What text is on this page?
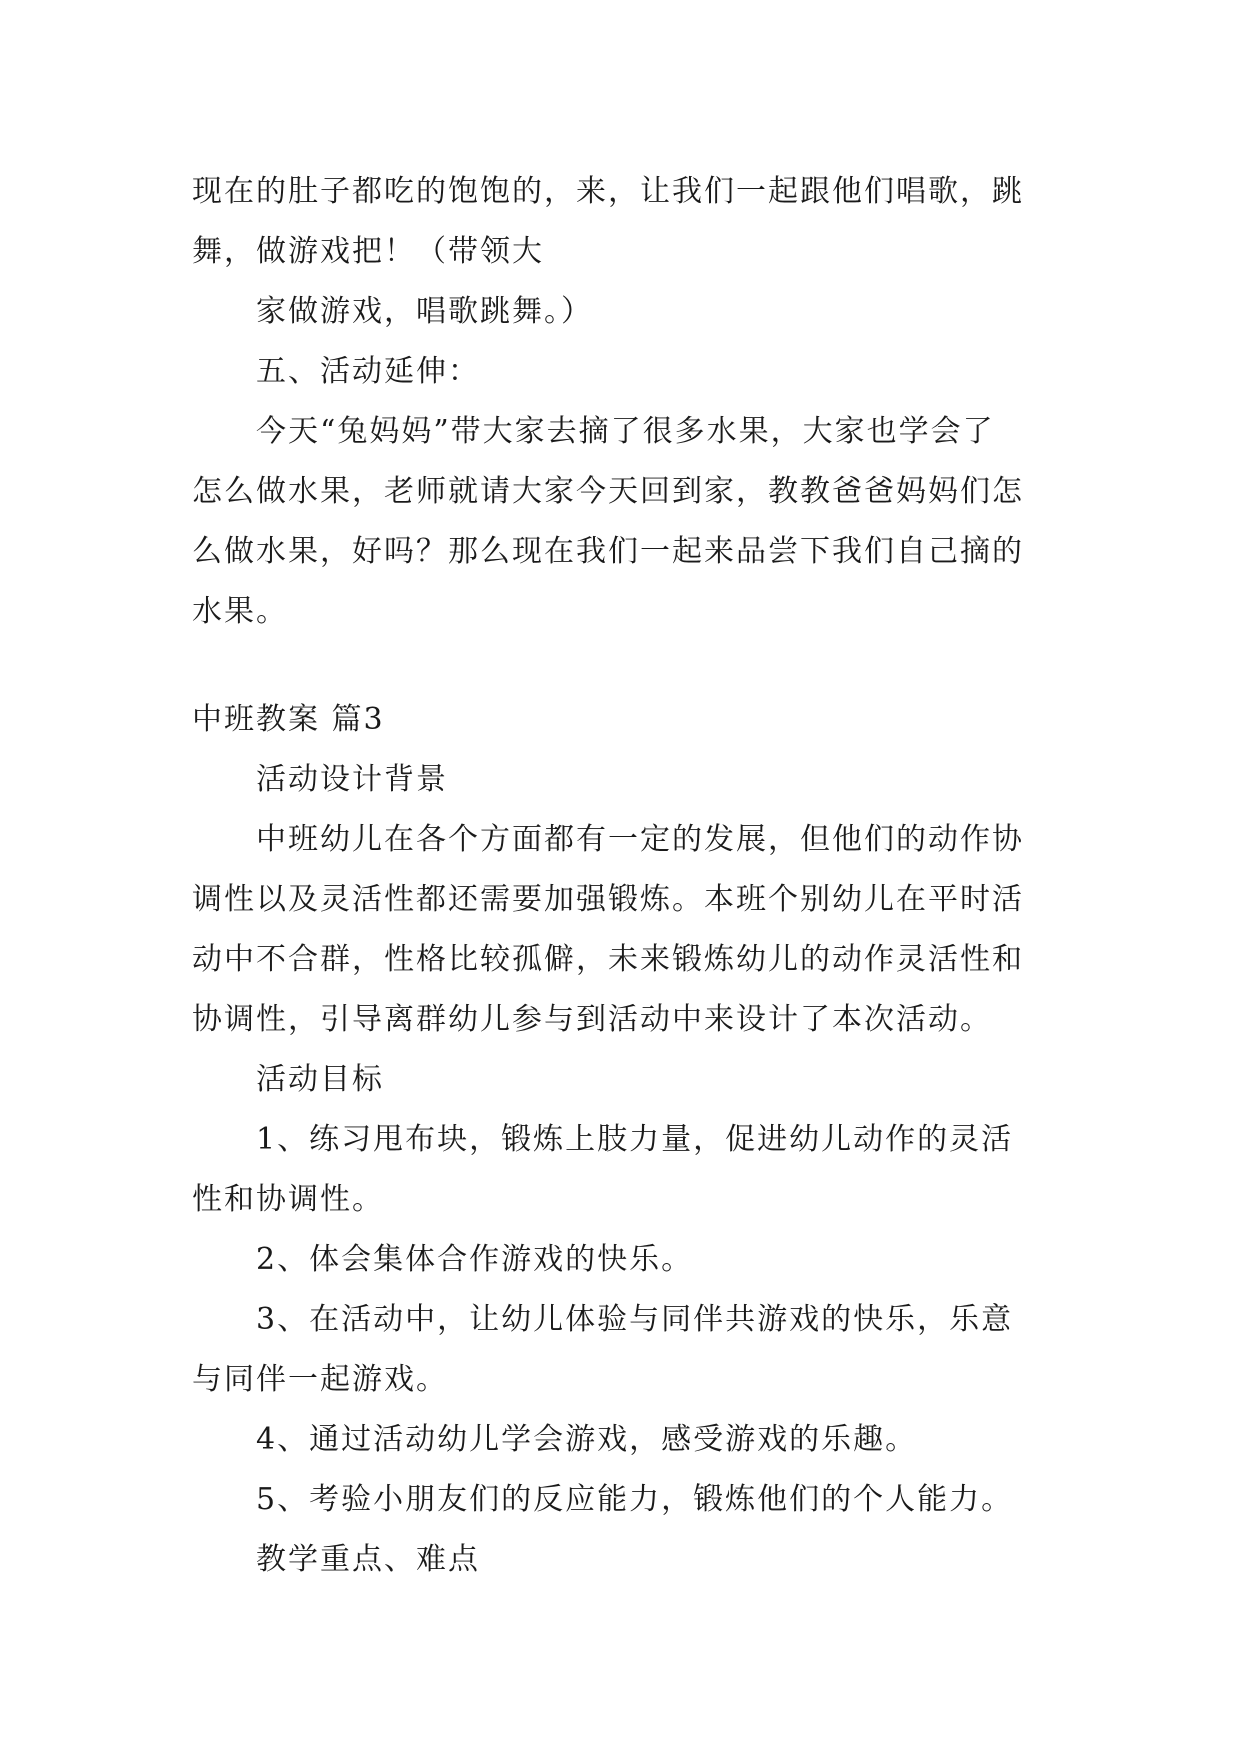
现在的肚子都吃的饱饱的，来，让我们一起跟他们唱歌，跳
舞，做游戏把！（带领大
家做游戏，唱歌跳舞。）
五、活动延伸：
今天“兔妈妈”带大家去摘了很多水果，大家也学会了
怎么做水果，老师就请大家今天回到家，教教爸爸妈妈们怎
么做水果，好吗？那么现在我们一起来品尝下我们自己摘的
水果。
中班教案 篇3
活动设计背景
中班幼儿在各个方面都有一定的发展，但他们的动作协
调性以及灵活性都还需要加强锻炼。本班个别幼儿在平时活
动中不合群，性格比较孤僻，未来锻炼幼儿的动作灵活性和
协调性，引导离群幼儿参与到活动中来设计了本次活动。
活动目标
1、练习甩布块，锻炼上肢力量，促进幼儿动作的灵活
性和协调性。
2、体会集体合作游戏的快乐。
3、在活动中，让幼儿体验与同伴共游戏的快乐，乐意
与同伴一起游戏。
4、通过活动幼儿学会游戏，感受游戏的乐趣。
5、考验小朋友们的反应能力，锻炼他们的个人能力。
教学重点、难点
